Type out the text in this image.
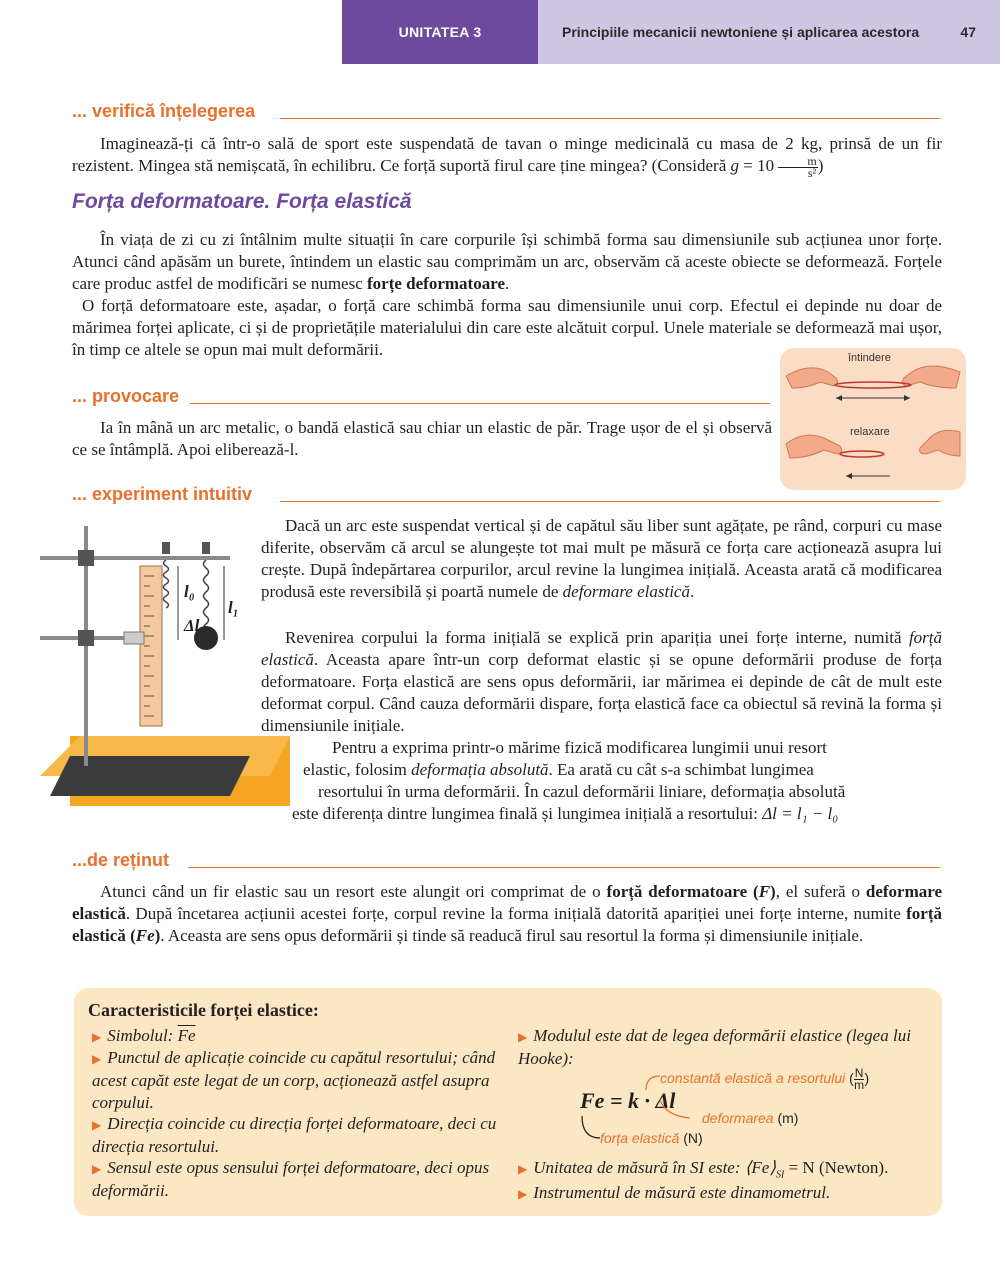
UNITATEA 3	Principiile mecanicii newtoniene și aplicarea acestora	47
... verifică înțelegerea

Imaginează-ți că într-o sală de sport este suspendată de tavan o minge medicinală cu masa de 2 kg, prinsă de un fir rezistent. Mingea stă nemișcată, în echilibru. Ce forță suportă firul care ține mingea? (Consideră $g = 10 \frac{m}{\text{s²}}$ )

Forța deformatoare. Forța elastică

În viața de zi cu zi întâlnim multe situații în care corpurile își schimbă forma sau dimensiunile sub acțiunea unor forțe. Atunci când apăsăm un burete, întindem un elastic sau comprimăm un arc, observăm că aceste obiecte se deformează. Forțele care produc astfel de modificări se numesc forțe deformatoare.

O forță deformatoare este, așadar, o forță care schimbă forma sau dimensiunile unui corp. Efectul ei depinde nu doar de mărimea forței aplicate, ci și de proprietățile materialului din care este alcătuit corpul. Unele materiale se deformează mai ușor, în timp ce altele se opun mai mult deformării.

... provocare

Ia în mână un arc metalic, o bandă elastică sau chiar un elastic de păr. Trage ușor de el și observă ce se întâmplă. Apoi eliberează-l.

întindere
relaxare
... experiment intuitiv
l₀
l₁
Δl

Dacă un arc este suspendat vertical și de capătul său liber sunt agățate, pe rând, corpuri cu mase diferite, observăm că arcul se alungește tot mai mult pe măsură ce forța care acționează asupra lui crește. După îndepărtarea corpurilor, arcul revine la lungimea inițială. Aceasta arată că modificarea produsă este reversibilă și poartă numele de deformare elastică.

Revenirea corpului la forma inițială se explică prin apariția unei forțe interne, numită forță elastică. Aceasta apare într-un corp deformat elastic și se opune deformării produse de forța deformatoare. Forța elastică are sens opus deformării, iar mărimea ei depinde de cât de mult este deformat corpul. Când cauza deformării dispare, forța elastică face ca obiectul să revină la forma și dimensiunile inițiale.

Pentru a exprima printr-o mărime fizică modificarea lungimii unui resort

elastic, folosim deformația absolută. Ea arată cu cât s-a schimbat lungimea

resortului în urma deformării. În cazul deformării liniare, deformația absolută

este diferența dintre lungimea finală și lungimea inițială a resortului: Δl = l₁ − l₀

...de reținut

Atunci când un fir elastic sau un resort este alungit ori comprimat de o forță deformatoare (F), el suferă o deformare elastică. După încetarea acțiunii acestei forțe, corpul revine la forma inițială datorită apariției unei forțe interne, numite forță elastică (Fe). Aceasta are sens opus deformării și tinde să readucă firul sau resortul la forma și dimensiunile inițiale.

Caracteristicile forței elastice:
▶ Simbolul: $\overline{Fe}$
▶ Punctul de aplicație coincide cu capătul resortului; când acest capăt este legat de un corp, acționează astfel asupra corpului.
▶ Direcția coincide cu direcția forței deformatoare, deci cu direcția resortului.
▶ Sensul este opus sensului forței deformatoare, deci opus deformării.
▶ Modulul este dat de legea deformării elastice (legea lui Hooke):
Fe = k · Δl
constantă elastică a resortului ( $\frac{N}{m}$ )
deformarea (m)
forța elastică (N)
▶ Unitatea de măsură în SI este: $⟨Fe⟩_{SI} = N$ (Newton).
▶ Instrumentul de măsură este dinamometrul.
